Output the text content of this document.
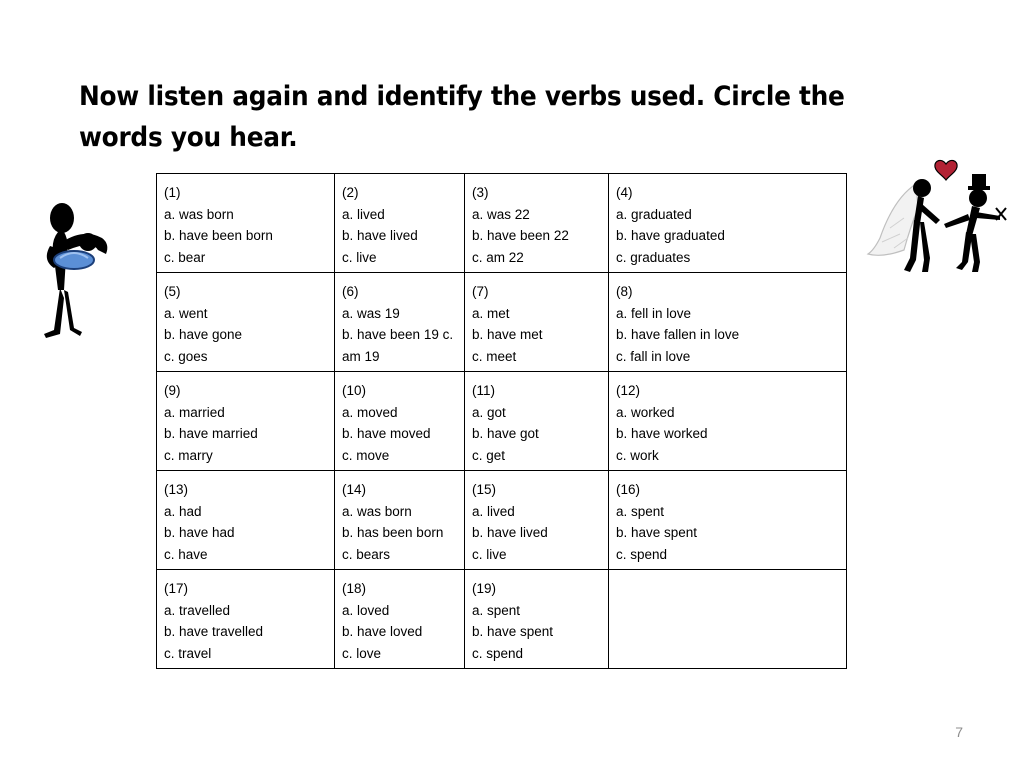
Now listen again and identify the verbs used. Circle the words you hear.
(1)
a. was born
b. have been born
c. bear	(2)
a. lived
b. have lived
c. live	(3)
a. was 22
b. have been 22
c. am 22	(4)
a. graduated
b. have graduated
c. graduates

(5)
a. went
b. have gone
c. goes	(6)
a. was 19
b. have been 19 c. am 19	(7)
a. met
b. have met
c. meet	(8)
a. fell in love
b. have fallen in love
c. fall in love

(9)
a. married
b. have married
c. marry	(10)
a. moved
b. have moved
c. move	(11)
a. got
b. have got
c. get	(12)
a. worked
b. have worked
c. work

(13)
a. had
b. have had
c. have	(14)
a. was born
b. has been born
c. bears	(15)
a. lived
b. have lived
c. live	(16)
a. spent
b. have spent
c. spend

(17)
a. travelled
b. have travelled
c. travel	(18)
a. loved
b. have loved
c. love	(19)
a. spent
b. have spent
c. spend	

7
